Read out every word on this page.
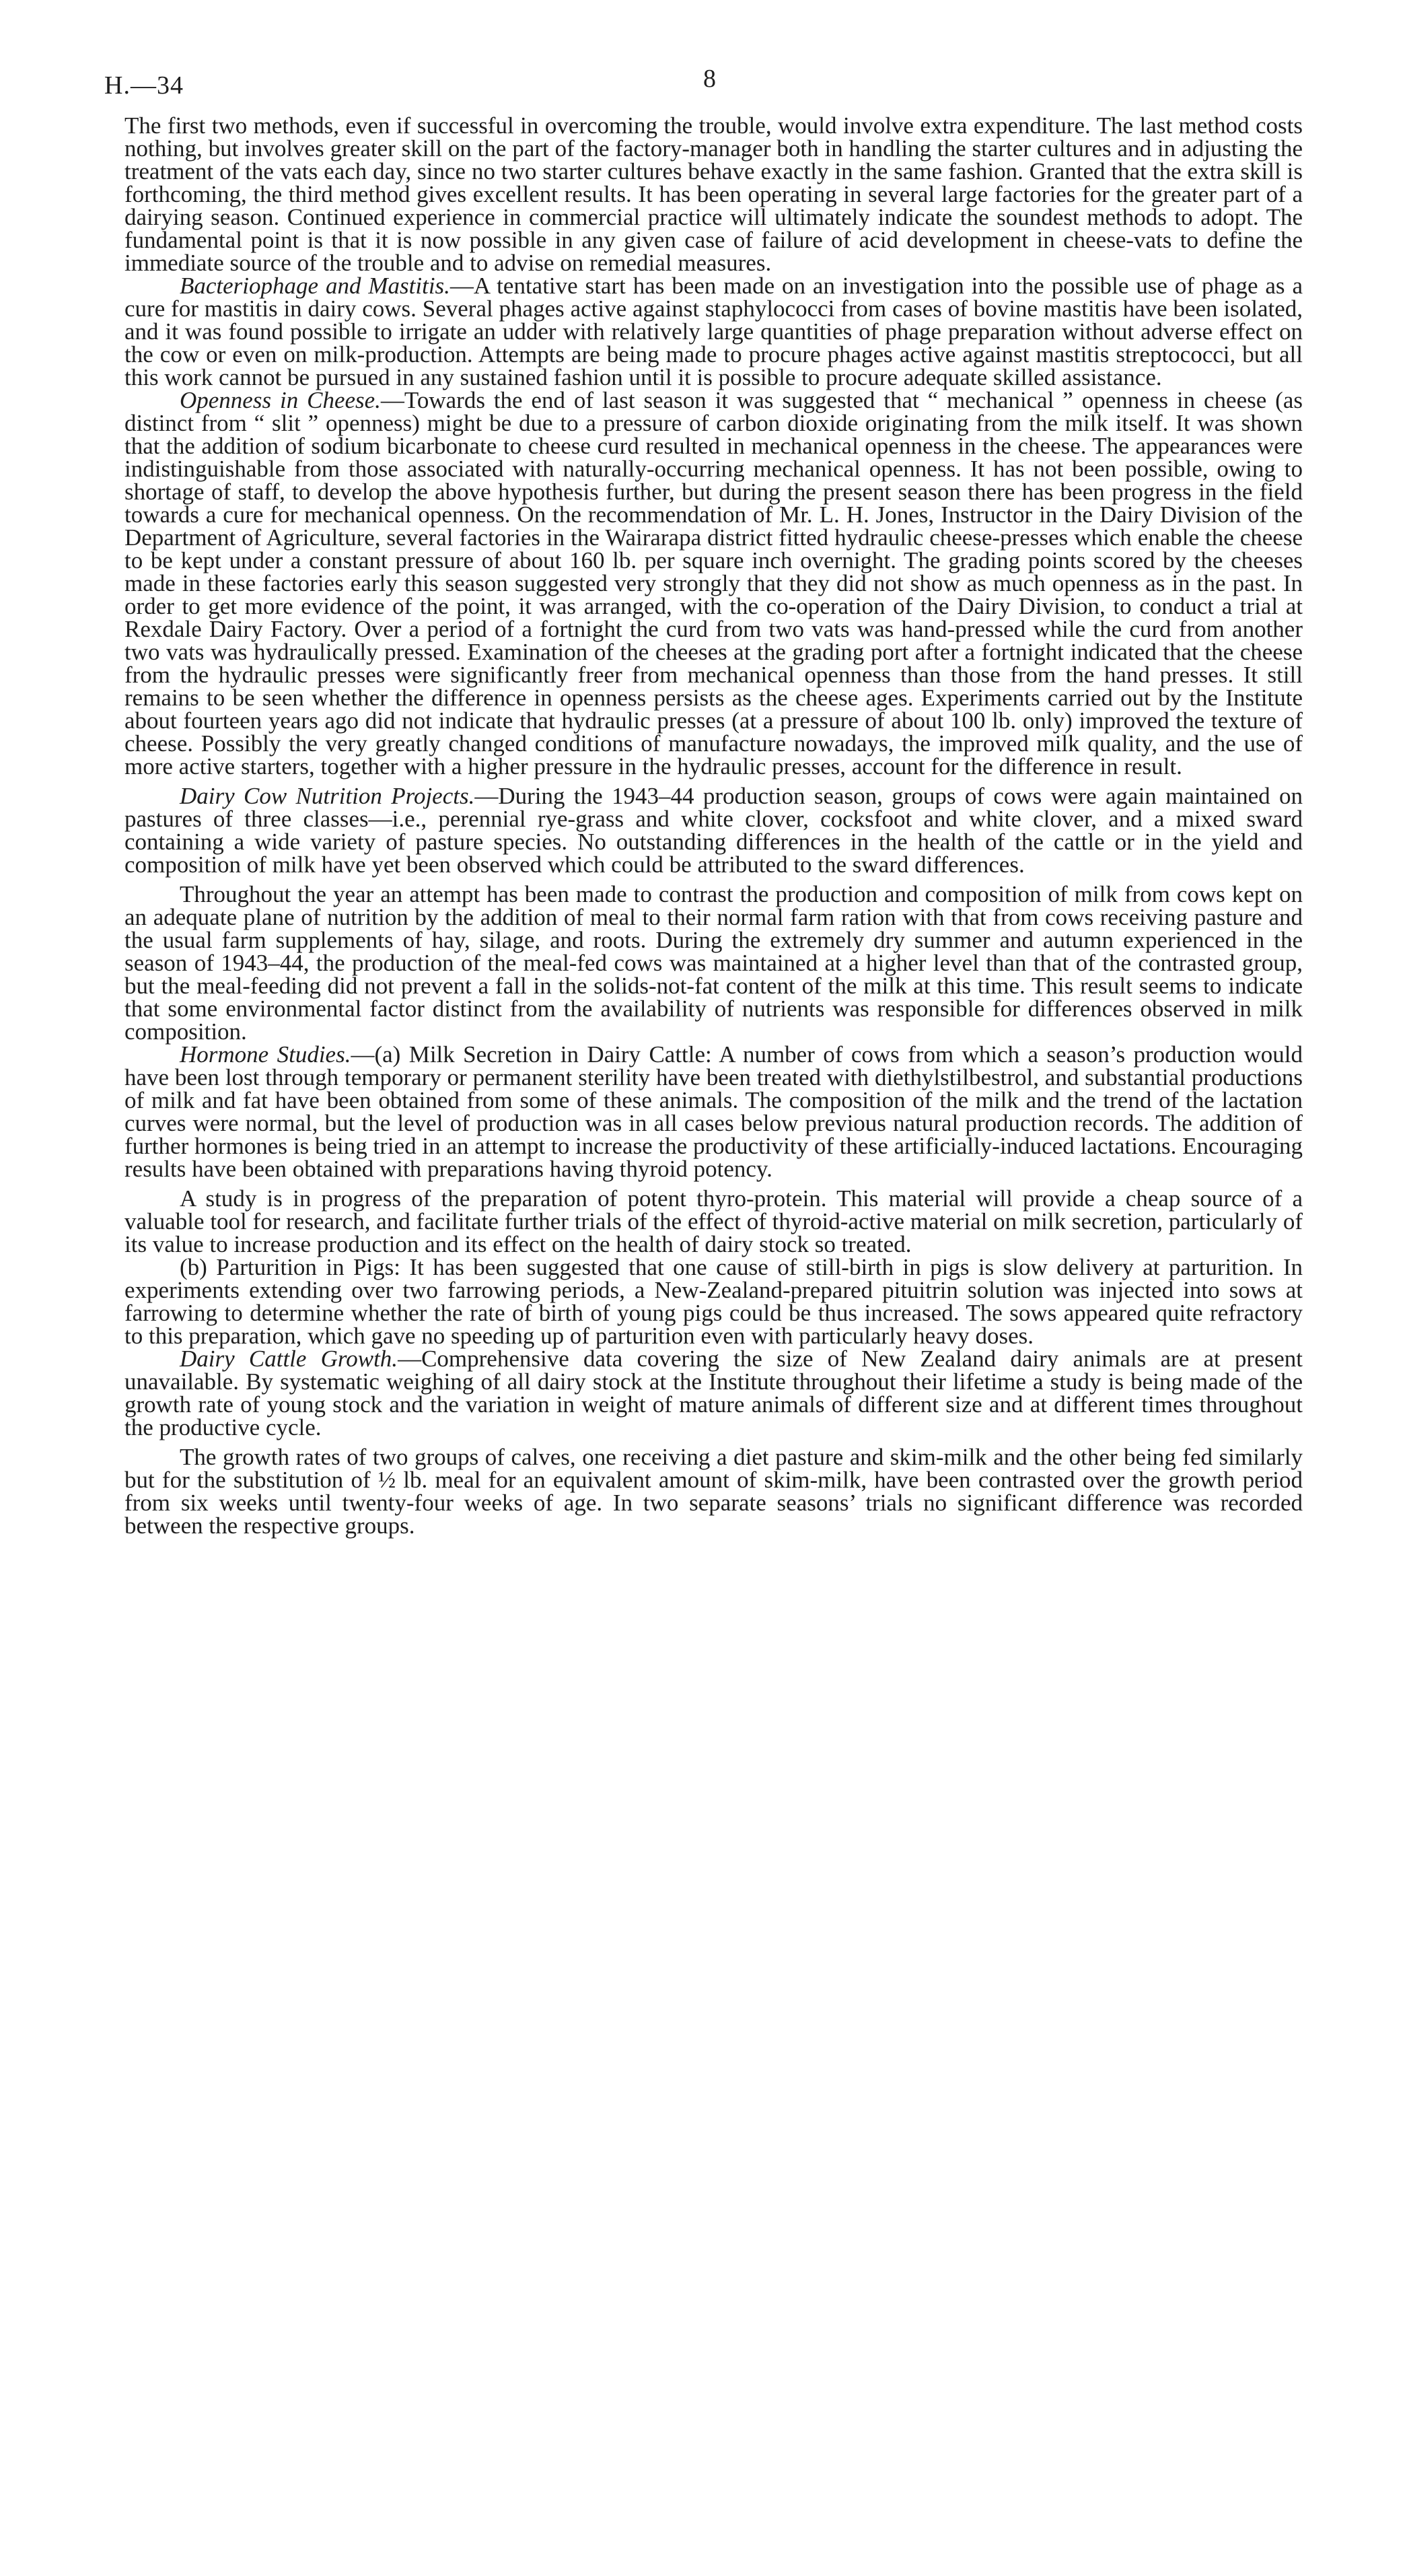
H.—34	8

The first two methods, even if successful in overcoming the trouble, would involve extra expenditure. The last method costs nothing, but involves greater skill on the part of the factory-manager both in handling the starter cultures and in adjusting the treatment of the vats each day, since no two starter cultures behave exactly in the same fashion. Granted that the extra skill is forthcoming, the third method gives excellent results. It has been operating in several large factories for the greater part of a dairying season. Continued experience in commercial practice will ultimately indicate the soundest methods to adopt. The fundamental point is that it is now possible in any given case of failure of acid development in cheese-vats to define the immediate source of the trouble and to advise on remedial measures.

Bacteriophage and Mastitis.—A tentative start has been made on an investigation into the possible use of phage as a cure for mastitis in dairy cows. Several phages active against staphylococci from cases of bovine mastitis have been isolated, and it was found possible to irrigate an udder with relatively large quantities of phage preparation without adverse effect on the cow or even on milk-production. Attempts are being made to procure phages active against mastitis streptococci, but all this work cannot be pursued in any sustained fashion until it is possible to procure adequate skilled assistance.

Openness in Cheese.—Towards the end of last season it was suggested that “ mechanical ” openness in cheese (as distinct from “ slit ” openness) might be due to a pressure of carbon dioxide originating from the milk itself. It was shown that the addition of sodium bicarbonate to cheese curd resulted in mechanical openness in the cheese. The appearances were indistinguishable from those associated with naturally-occurring mechanical openness. It has not been possible, owing to shortage of staff, to develop the above hypothesis further, but during the present season there has been progress in the field towards a cure for mechanical openness. On the recommendation of Mr. L. H. Jones, Instructor in the Dairy Division of the Department of Agriculture, several factories in the Wairarapa district fitted hydraulic cheese-presses which enable the cheese to be kept under a constant pressure of about 160 lb. per square inch overnight. The grading points scored by the cheeses made in these factories early this season suggested very strongly that they did not show as much openness as in the past. In order to get more evidence of the point, it was arranged, with the co-operation of the Dairy Division, to conduct a trial at Rexdale Dairy Factory. Over a period of a fortnight the curd from two vats was hand-pressed while the curd from another two vats was hydraulically pressed. Examination of the cheeses at the grading port after a fortnight indicated that the cheese from the hydraulic presses were significantly freer from mechanical openness than those from the hand presses. It still remains to be seen whether the difference in openness persists as the cheese ages. Experiments carried out by the Institute about fourteen years ago did not indicate that hydraulic presses (at a pressure of about 100 lb. only) improved the texture of cheese. Possibly the very greatly changed conditions of manufacture nowadays, the improved milk quality, and the use of more active starters, together with a higher pressure in the hydraulic presses, account for the difference in result.

Dairy Cow Nutrition Projects.—During the 1943–44 production season, groups of cows were again maintained on pastures of three classes—i.e., perennial rye-grass and white clover, cocksfoot and white clover, and a mixed sward containing a wide variety of pasture species. No outstanding differences in the health of the cattle or in the yield and composition of milk have yet been observed which could be attributed to the sward differences.

Throughout the year an attempt has been made to contrast the production and composition of milk from cows kept on an adequate plane of nutrition by the addition of meal to their normal farm ration with that from cows receiving pasture and the usual farm supplements of hay, silage, and roots. During the extremely dry summer and autumn experienced in the season of 1943–44, the production of the meal-fed cows was maintained at a higher level than that of the contrasted group, but the meal-feeding did not prevent a fall in the solids-not-fat content of the milk at this time. This result seems to indicate that some environmental factor distinct from the availability of nutrients was responsible for differences observed in milk composition.

Hormone Studies.—(a) Milk Secretion in Dairy Cattle: A number of cows from which a season’s production would have been lost through temporary or permanent sterility have been treated with diethylstilbestrol, and substantial productions of milk and fat have been obtained from some of these animals. The composition of the milk and the trend of the lactation curves were normal, but the level of production was in all cases below previous natural production records. The addition of further hormones is being tried in an attempt to increase the productivity of these artificially-induced lactations. Encouraging results have been obtained with preparations having thyroid potency.

A study is in progress of the preparation of potent thyro-protein. This material will provide a cheap source of a valuable tool for research, and facilitate further trials of the effect of thyroid-active material on milk secretion, particularly of its value to increase production and its effect on the health of dairy stock so treated.

(b) Parturition in Pigs: It has been suggested that one cause of still-birth in pigs is slow delivery at parturition. In experiments extending over two farrowing periods, a New-Zealand-prepared pituitrin solution was injected into sows at farrowing to determine whether the rate of birth of young pigs could be thus increased. The sows appeared quite refractory to this preparation, which gave no speeding up of parturition even with particularly heavy doses.

Dairy Cattle Growth.—Comprehensive data covering the size of New Zealand dairy animals are at present unavailable. By systematic weighing of all dairy stock at the Institute throughout their lifetime a study is being made of the growth rate of young stock and the variation in weight of mature animals of different size and at different times throughout the productive cycle.

The growth rates of two groups of calves, one receiving a diet pasture and skim-milk and the other being fed similarly but for the substitution of ½ lb. meal for an equivalent amount of skim-milk, have been contrasted over the growth period from six weeks until twenty-four weeks of age. In two separate seasons’ trials no significant difference was recorded between the respective groups.
